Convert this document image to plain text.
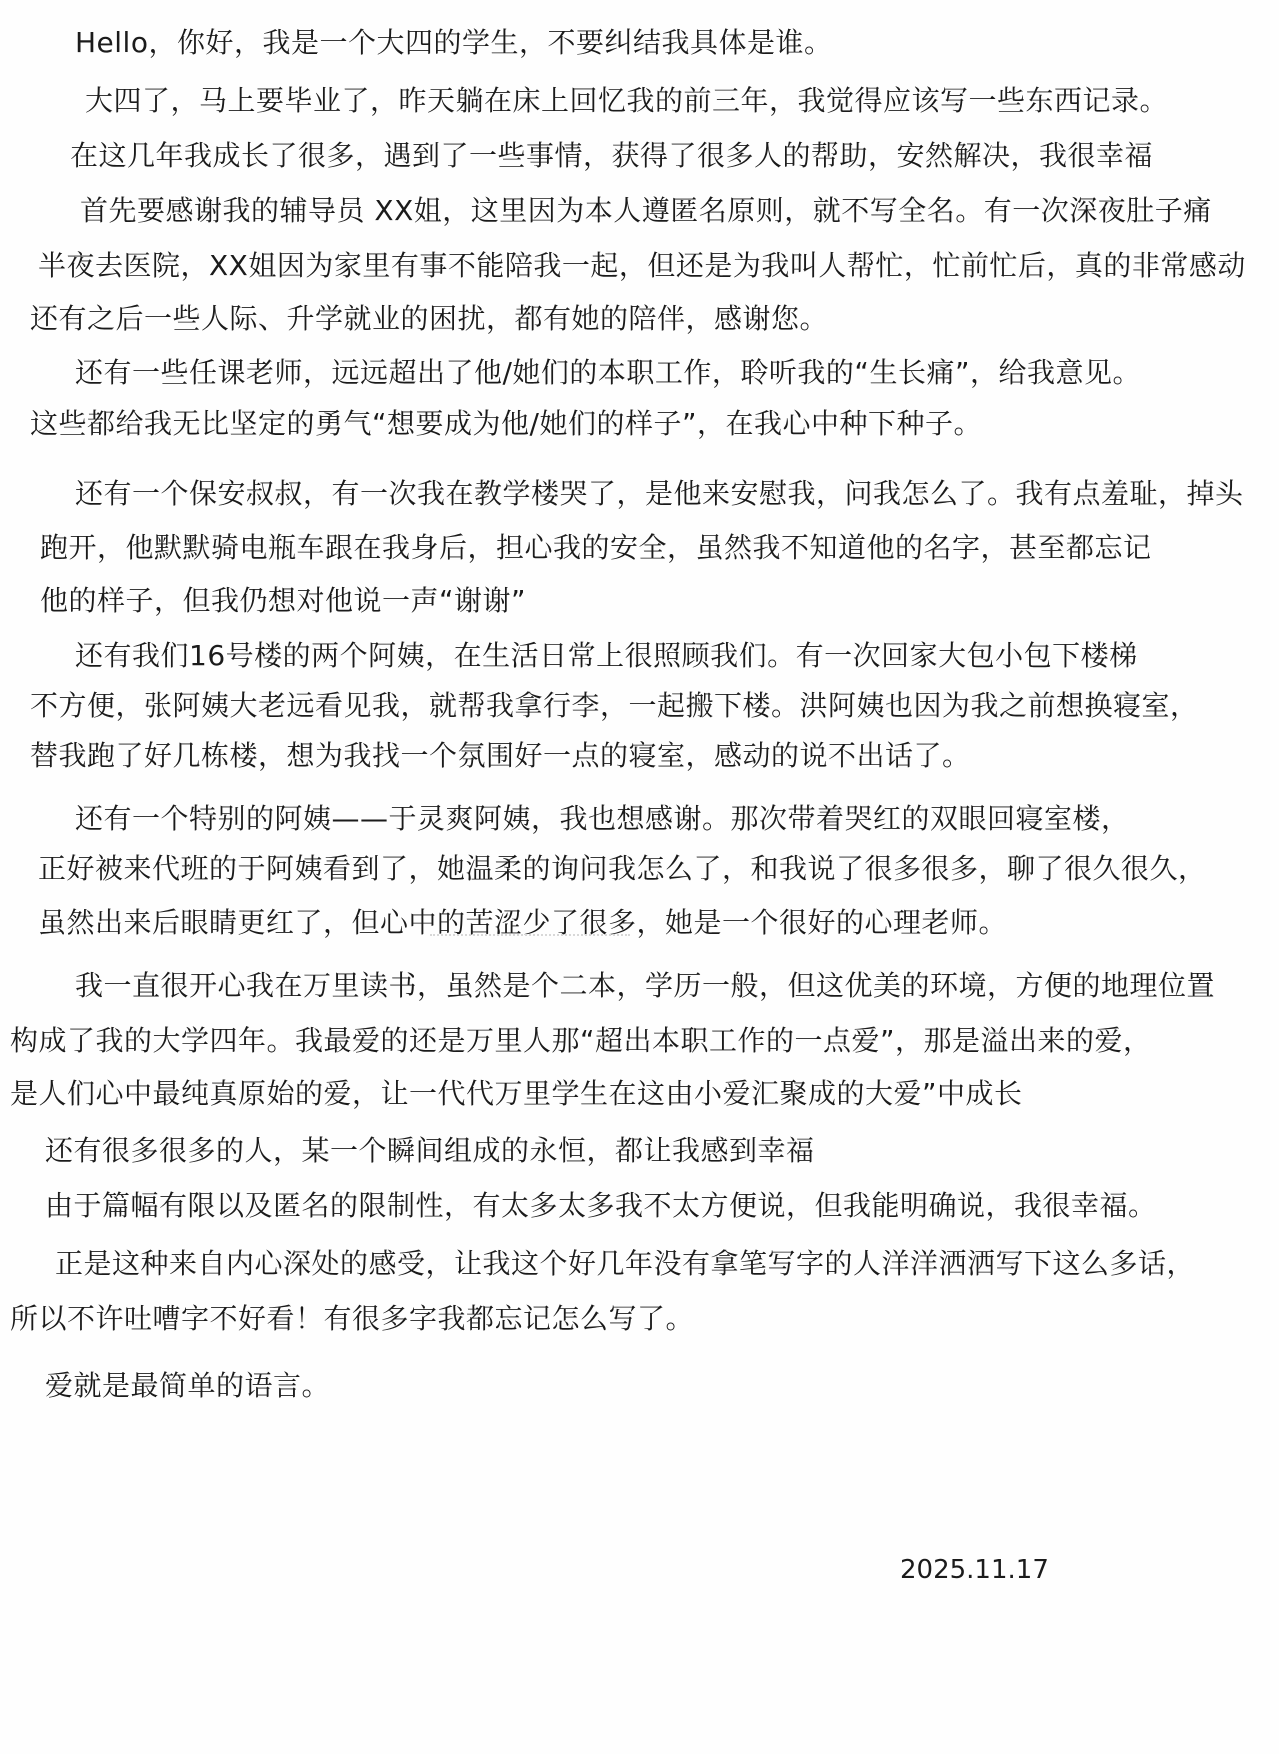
Hello，你好，我是一个大四的学生，不要纠结我具体是谁。
大四了，马上要毕业了，昨天躺在床上回忆我的前三年，我觉得应该写一些东西记录。
在这几年我成长了很多，遇到了一些事情，获得了很多人的帮助，安然解决，我很幸福
首先要感谢我的辅导员 XX姐，这里因为本人遵匿名原则，就不写全名。有一次深夜肚子痛
半夜去医院，XX姐因为家里有事不能陪我一起，但还是为我叫人帮忙，忙前忙后，真的非常感动
还有之后一些人际、升学就业的困扰，都有她的陪伴，感谢您。
还有一些任课老师，远远超出了他/她们的本职工作，聆听我的“生长痛”，给我意见。
这些都给我无比坚定的勇气“想要成为他/她们的样子”，在我心中种下种子。
还有一个保安叔叔，有一次我在教学楼哭了，是他来安慰我，问我怎么了。我有点羞耻，掉头
跑开，他默默骑电瓶车跟在我身后，担心我的安全，虽然我不知道他的名字，甚至都忘记
他的样子，但我仍想对他说一声“谢谢”
还有我们16号楼的两个阿姨，在生活日常上很照顾我们。有一次回家大包小包下楼梯
不方便，张阿姨大老远看见我，就帮我拿行李，一起搬下楼。洪阿姨也因为我之前想换寝室，
替我跑了好几栋楼，想为我找一个氛围好一点的寝室，感动的说不出话了。
还有一个特别的阿姨——于灵爽阿姨，我也想感谢。那次带着哭红的双眼回寝室楼，
正好被来代班的于阿姨看到了，她温柔的询问我怎么了，和我说了很多很多，聊了很久很久，
虽然出来后眼睛更红了，但心中的苦涩少了很多，她是一个很好的心理老师。
我一直很开心我在万里读书，虽然是个二本，学历一般，但这优美的环境，方便的地理位置
构成了我的大学四年。我最爱的还是万里人那“超出本职工作的一点爱”，那是溢出来的爱，
是人们心中最纯真原始的爱，让一代代万里学生在这由小爱汇聚成的大爱”中成长
还有很多很多的人，某一个瞬间组成的永恒，都让我感到幸福
由于篇幅有限以及匿名的限制性，有太多太多我不太方便说，但我能明确说，我很幸福。
正是这种来自内心深处的感受，让我这个好几年没有拿笔写字的人洋洋洒洒写下这么多话，
所以不许吐嘈字不好看！有很多字我都忘记怎么写了。
爱就是最简单的语言。
2025.11.17
